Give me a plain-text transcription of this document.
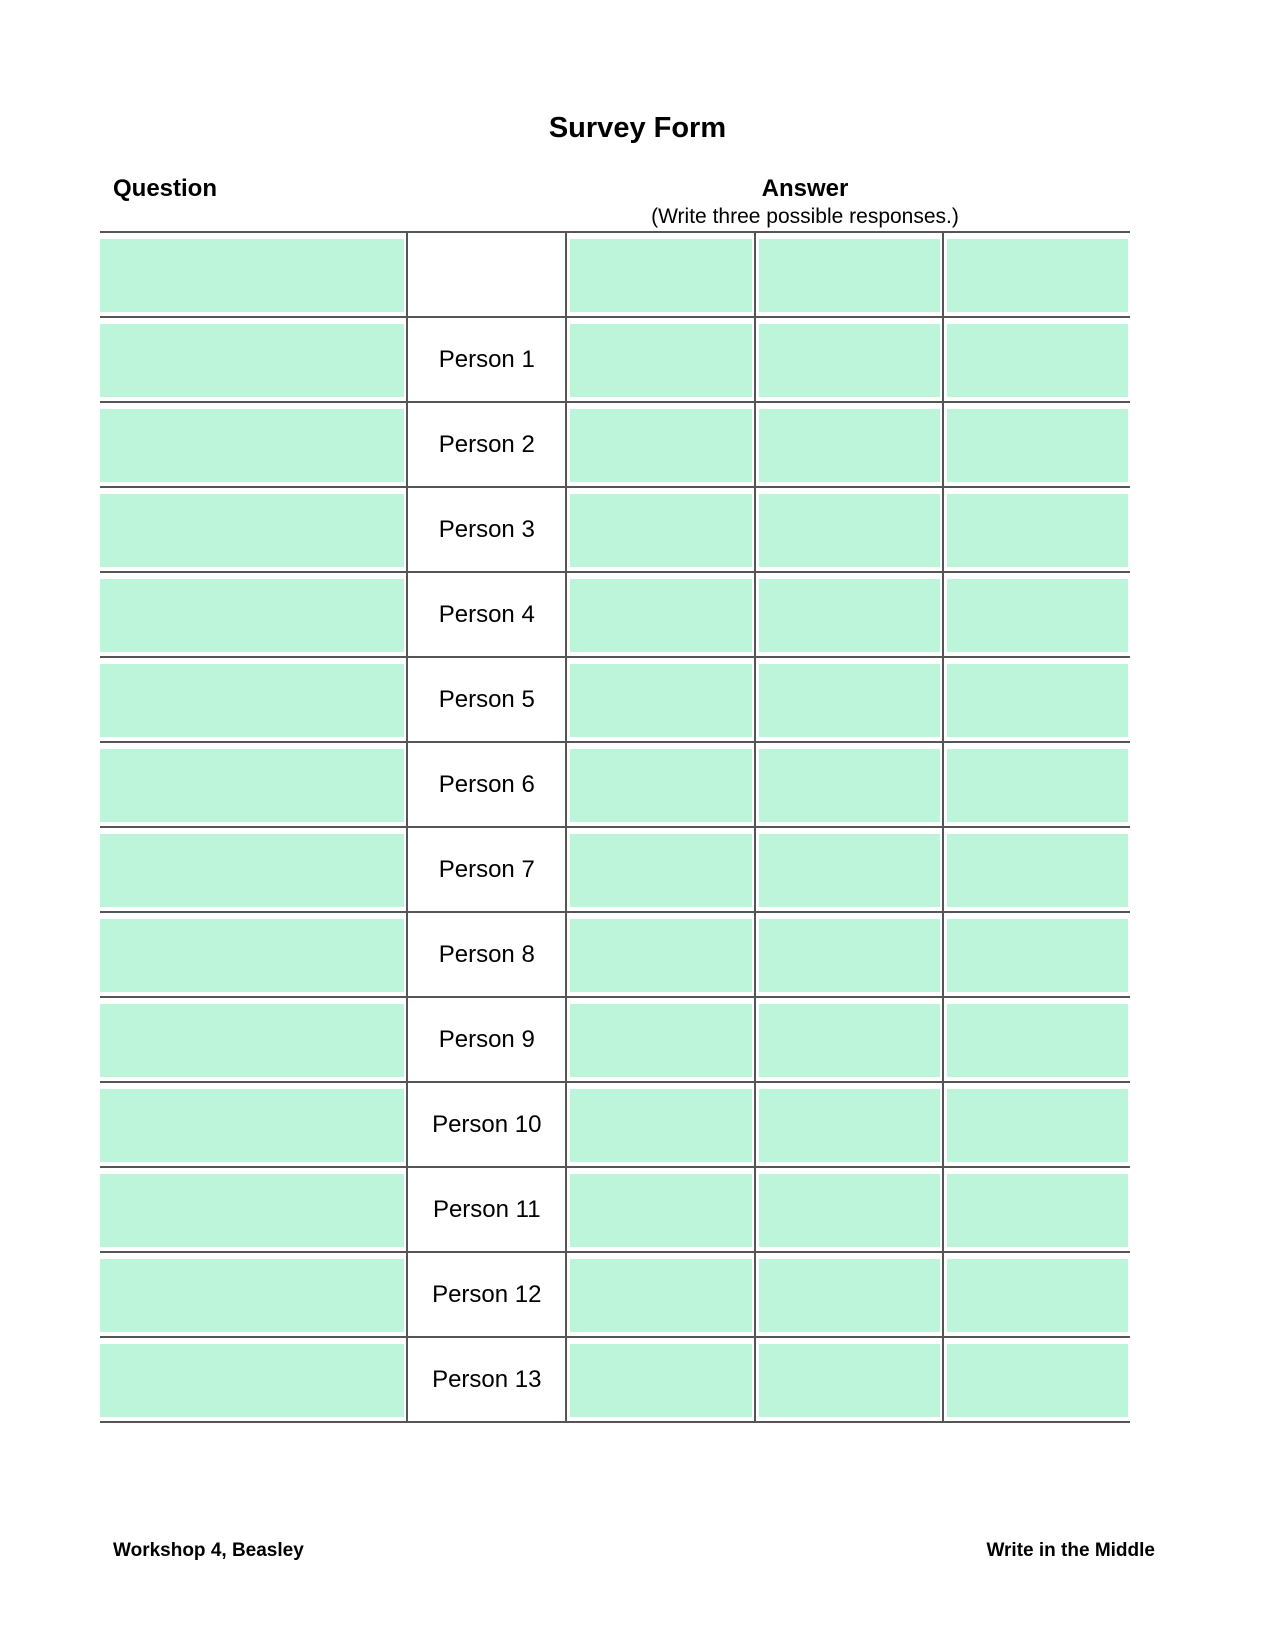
Survey Form
Question	Answer
(Write three possible responses.)

	Person 1	

	Person 2	

	Person 3	

	Person 4	

	Person 5	

	Person 6	

	Person 7	

	Person 8	

	Person 9	

	Person 10	

	Person 11	

	Person 12	

	Person 13	

Workshop 4, Beasley	Write in the Middle
